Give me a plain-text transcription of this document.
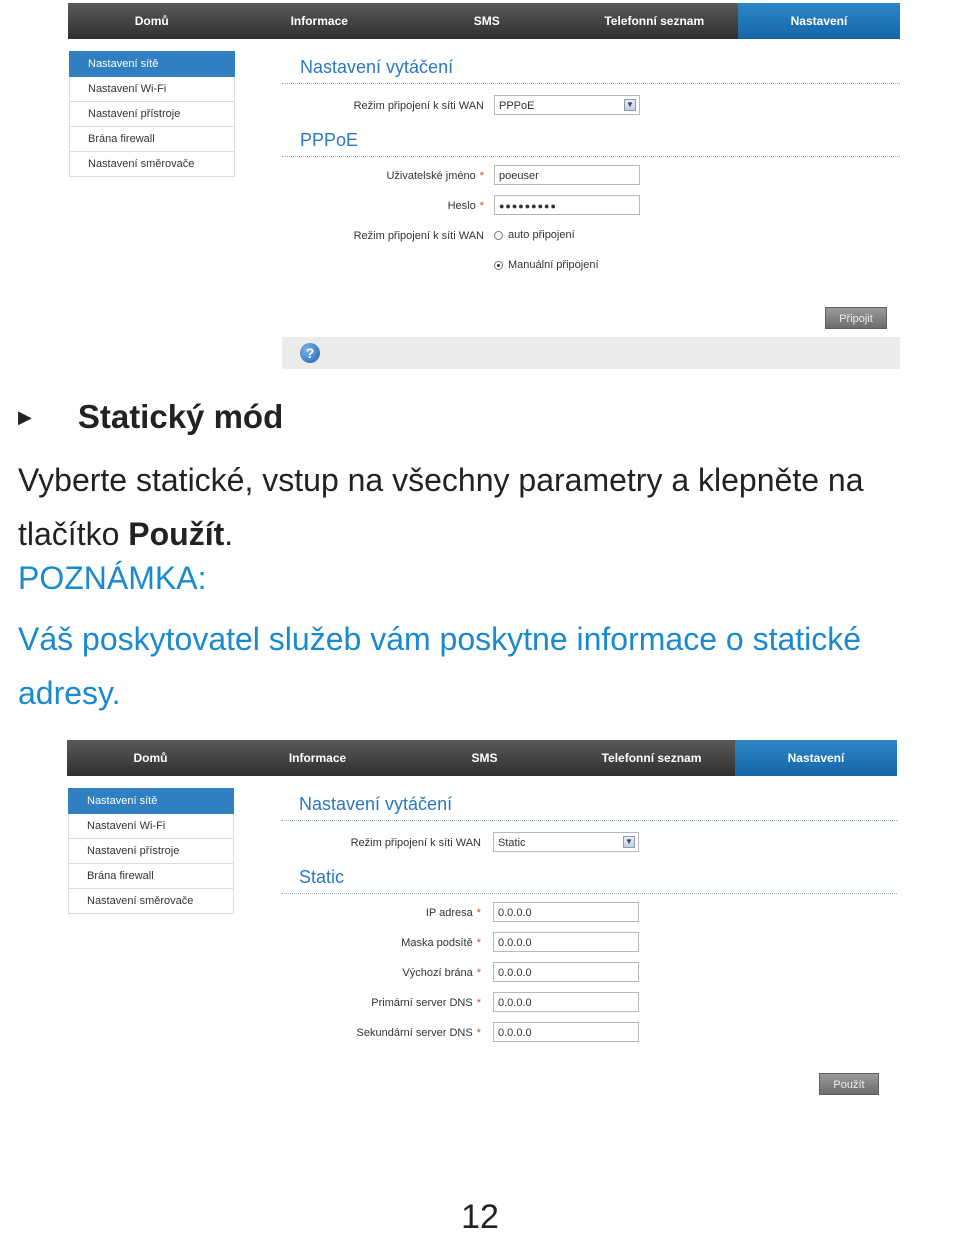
Domů	Informace	SMS	Telefonní seznam	Nastavení
Nastavení sítě
Nastavení Wi-Fi
Nastavení přístroje
Brána firewall
Nastavení směrovače
Nastavení vytáčení
Režim připojení k síti WAN	PPPoE	▼
PPPoE
Uživatelské jméno *	poeuser
Heslo *	●●●●●●●●●
Režim připojení k síti WAN auto připojení
Manuální připojení
Připojit
?
▶ Statický mód
Vyberte statické, vstup na všechny parametry a klepněte na tlačítko Použít.
POZNÁMKA:
Váš poskytovatel služeb vám poskytne informace o statické adresy.
Domů	Informace	SMS	Telefonní seznam	Nastavení
Nastavení sítě
Nastavení Wi-Fi
Nastavení přístroje
Brána firewall
Nastavení směrovače
Nastavení vytáčení
Režim připojení k síti WAN	Static	▼
Static
IP adresa *	0.0.0.0
Maska podsítě *	0.0.0.0
Výchozí brána *	0.0.0.0
Primární server DNS *	0.0.0.0
Sekundární server DNS *	0.0.0.0
Použít
12
